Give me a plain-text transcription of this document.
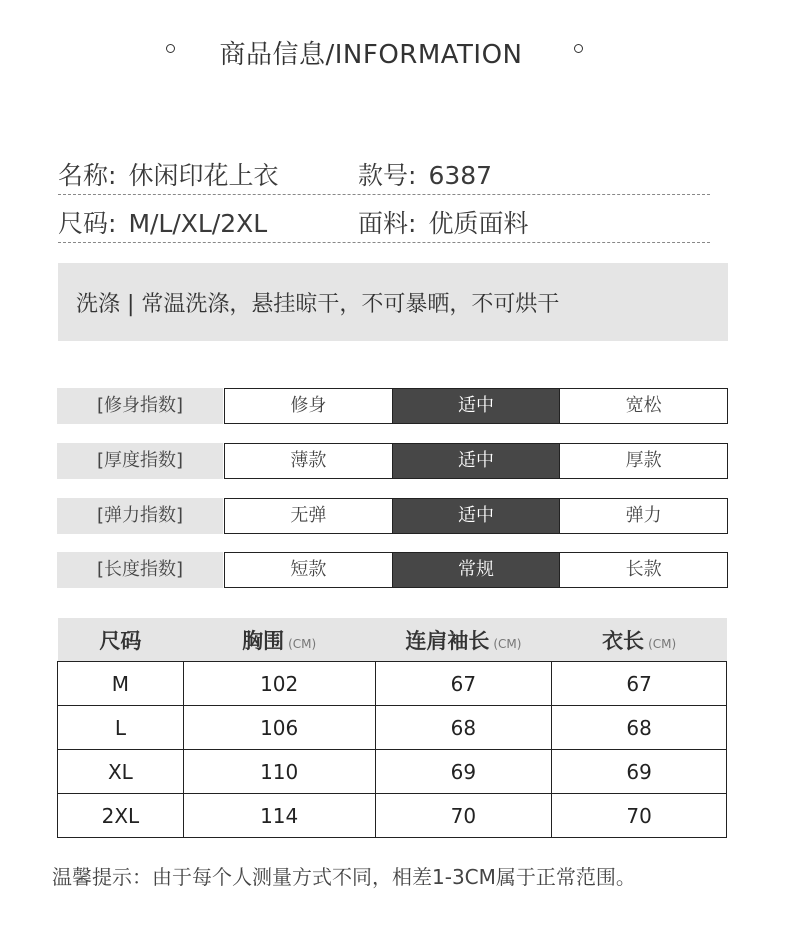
商品信息/INFORMATION
名称: 休闲印花上衣	款号: 6387
尺码: M/L/XL/2XL	面料: 优质面料
洗涤 | 常温洗涤，悬挂晾干，不可暴晒，不可烘干
[修身指数]	修身	适中	宽松
[厚度指数]	薄款	适中	厚款
[弹力指数]	无弹	适中	弹力
[长度指数]	短款	常规	长款
尺码	胸围 (CM)	连肩袖长 (CM)	衣长 (CM)
M	102	67	67
L	106	68	68
XL	110	69	69
2XL	114	70	70
温馨提示：由于每个人测量方式不同，相差1-3CM属于正常范围。
